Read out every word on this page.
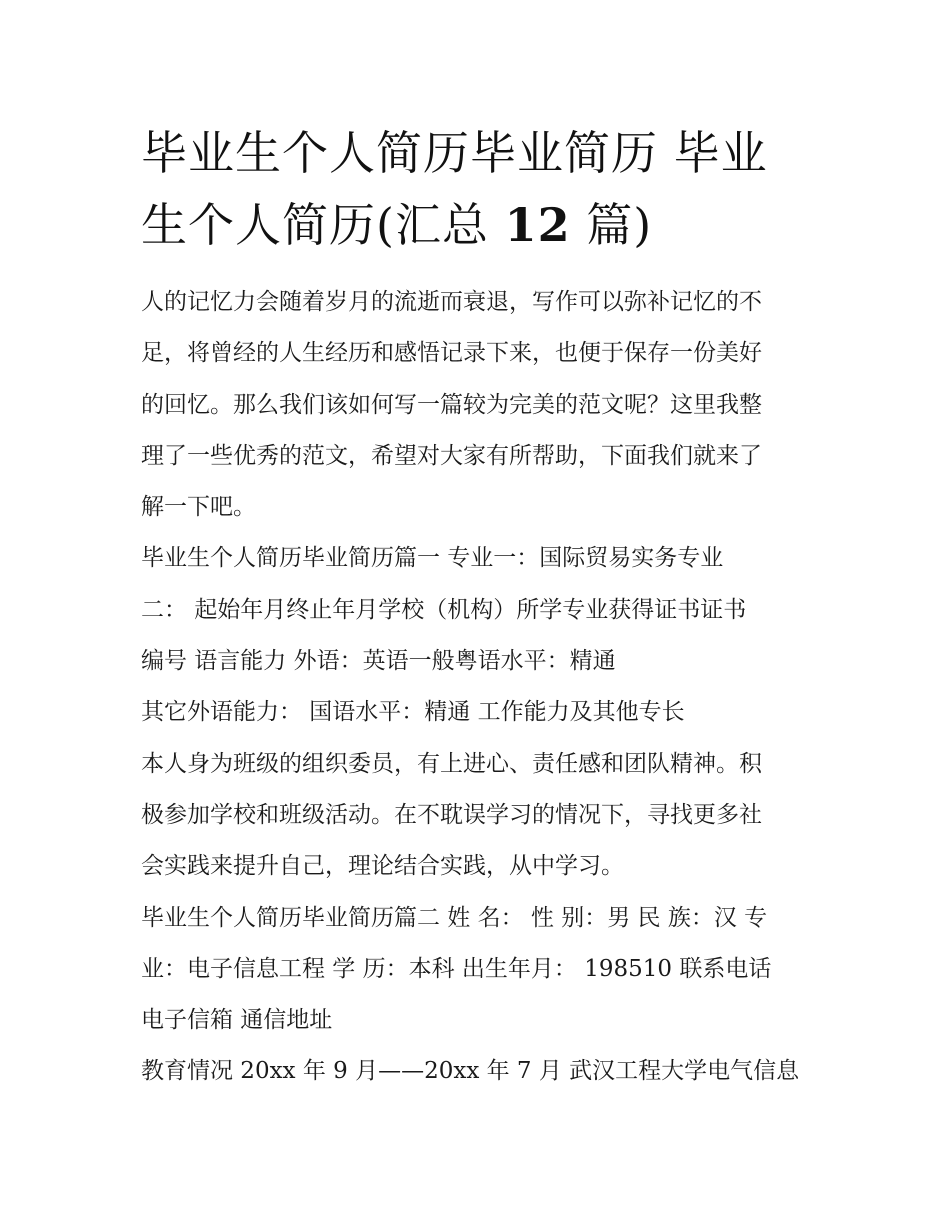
毕业生个人简历毕业简历 毕业
生个人简历(汇总 12 篇)

人的记忆力会随着岁月的流逝而衰退，写作可以弥补记忆的不

足，将曾经的人生经历和感悟记录下来，也便于保存一份美好

的回忆。那么我们该如何写一篇较为完美的范文呢？这里我整

理了一些优秀的范文，希望对大家有所帮助，下面我们就来了

解一下吧。

毕业生个人简历毕业简历篇一 专业一：国际贸易实务专业

二： 起始年月终止年月学校（机构）所学专业获得证书证书

编号 语言能力 外语：英语一般粤语水平：精通

其它外语能力： 国语水平：精通 工作能力及其他专长

本人身为班级的组织委员，有上进心、责任感和团队精神。积

极参加学校和班级活动。在不耽误学习的情况下，寻找更多社

会实践来提升自己，理论结合实践，从中学习。

毕业生个人简历毕业简历篇二 姓 名： 性 别：男 民 族：汉 专

业：电子信息工程 学 历：本科 出生年月： 198510 联系电话

电子信箱 通信地址

教育情况 20xx 年 9 月——20xx 年 7 月 武汉工程大学电气信息
